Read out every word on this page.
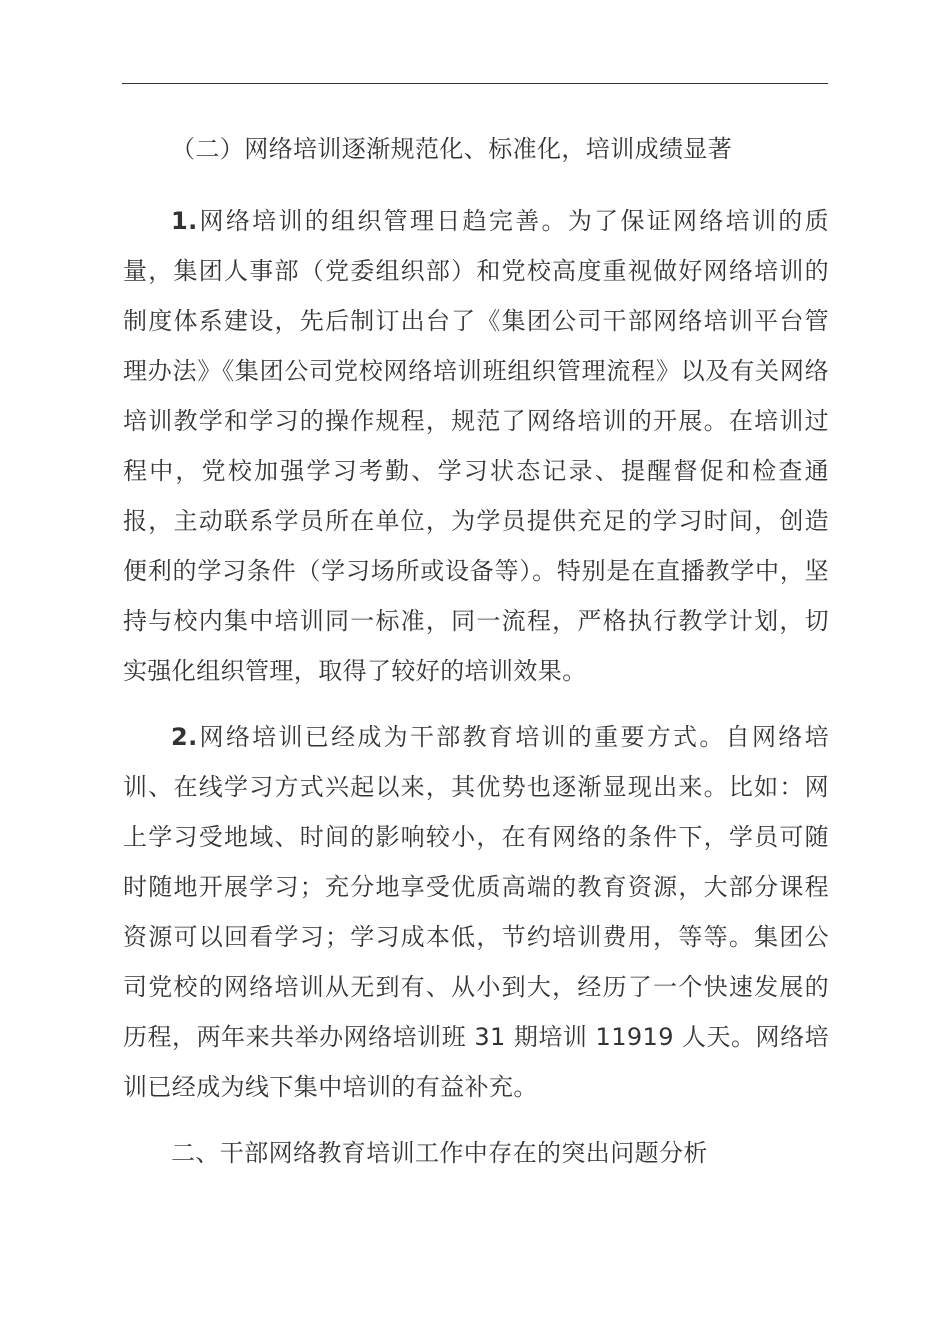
（二）网络培训逐渐规范化、标准化，培训成绩显著

1.网络培训的组织管理日趋完善。为了保证网络培训的质量，集团人事部（党委组织部）和党校高度重视做好网络培训的制度体系建设，先后制订出台了《集团公司干部网络培训平台管理办法》《集团公司党校网络培训班组织管理流程》以及有关网络培训教学和学习的操作规程，规范了网络培训的开展。在培训过程中，党校加强学习考勤、学习状态记录、提醒督促和检查通报，主动联系学员所在单位，为学员提供充足的学习时间，创造便利的学习条件（学习场所或设备等）。特别是在直播教学中，坚持与校内集中培训同一标准，同一流程，严格执行教学计划，切实强化组织管理，取得了较好的培训效果。

2.网络培训已经成为干部教育培训的重要方式。自网络培训、在线学习方式兴起以来，其优势也逐渐显现出来。比如：网上学习受地域、时间的影响较小，在有网络的条件下，学员可随时随地开展学习；充分地享受优质高端的教育资源，大部分课程资源可以回看学习；学习成本低，节约培训费用，等等。集团公司党校的网络培训从无到有、从小到大，经历了一个快速发展的历程，两年来共举办网络培训班 31 期培训 11919 人天。网络培训已经成为线下集中培训的有益补充。

二、干部网络教育培训工作中存在的突出问题分析
